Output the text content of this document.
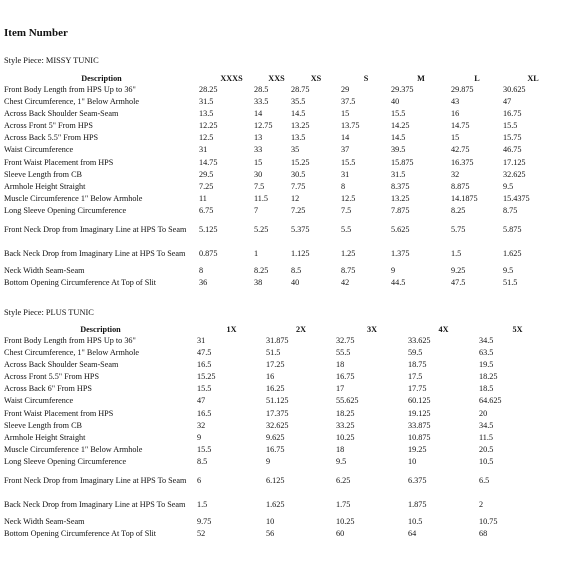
Item Number
Style Piece: MISSY TUNIC
Description	XXXS	XXS	XS	S	M	L	XL
Front Body Length from HPS Up to 36"	28.25	28.5	28.75	29	29.375	29.875	30.625
Chest Circumference, 1" Below Armhole	31.5	33.5	35.5	37.5	40	43	47
Across Back Shoulder Seam-Seam	13.5	14	14.5	15	15.5	16	16.75
Across Front 5" From HPS	12.25	12.75	13.25	13.75	14.25	14.75	15.5
Across Back 5.5" From HPS	12.5	13	13.5	14	14.5	15	15.75
Waist Circumference	31	33	35	37	39.5	42.75	46.75
Front Waist Placement from HPS	14.75	15	15.25	15.5	15.875	16.375	17.125
Sleeve Length from CB	29.5	30	30.5	31	31.5	32	32.625
Armhole Height Straight	7.25	7.5	7.75	8	8.375	8.875	9.5
Muscle Circumference 1" Below Armhole	11	11.5	12	12.5	13.25	14.1875	15.4375
Long Sleeve Opening Circumference	6.75	7	7.25	7.5	7.875	8.25	8.75
Front Neck Drop from Imaginary Line at HPS To Seam	5.125	5.25	5.375	5.5	5.625	5.75	5.875
Back Neck Drop from Imaginary Line at HPS To Seam	0.875	1	1.125	1.25	1.375	1.5	1.625
Neck Width Seam-Seam	8	8.25	8.5	8.75	9	9.25	9.5
Bottom Opening Circumference At Top of Slit	36	38	40	42	44.5	47.5	51.5
Style Piece: PLUS TUNIC
Description	1X	2X	3X	4X	5X
Front Body Length from HPS Up to 36"	31	31.875	32.75	33.625	34.5
Chest Circumference, 1" Below Armhole	47.5	51.5	55.5	59.5	63.5
Across Back Shoulder Seam-Seam	16.5	17.25	18	18.75	19.5
Across Front 5.5" From HPS	15.25	16	16.75	17.5	18.25
Across Back 6" From HPS	15.5	16.25	17	17.75	18.5
Waist Circumference	47	51.125	55.625	60.125	64.625
Front Waist Placement from HPS	16.5	17.375	18.25	19.125	20
Sleeve Length from CB	32	32.625	33.25	33.875	34.5
Armhole Height Straight	9	9.625	10.25	10.875	11.5
Muscle Circumference 1" Below Armhole	15.5	16.75	18	19.25	20.5
Long Sleeve Opening Circumference	8.5	9	9.5	10	10.5
Front Neck Drop from Imaginary Line at HPS To Seam	6	6.125	6.25	6.375	6.5
Back Neck Drop from Imaginary Line at HPS To Seam	1.5	1.625	1.75	1.875	2
Neck Width Seam-Seam	9.75	10	10.25	10.5	10.75
Bottom Opening Circumference At Top of Slit	52	56	60	64	68
